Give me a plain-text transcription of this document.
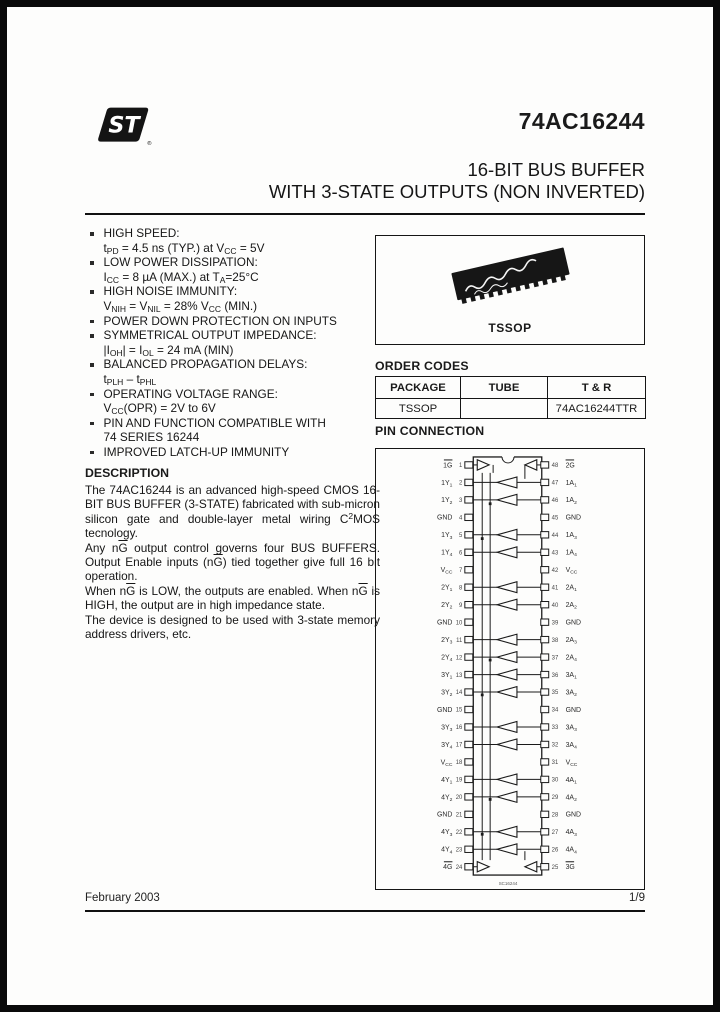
ST
®
74AC16244
16-BIT BUS BUFFER
WITH 3-STATE OUTPUTS (NON INVERTED)
HIGH SPEED:
$t_{PD} = 4.5$ ns (TYP.) at $V_{CC} = 5V$
LOW POWER DISSIPATION:
$I_{CC} = 8$ µA (MAX.) at $T_A=25^\circ C$
HIGH NOISE IMMUNITY:
$V_{NIH} = V_{NIL} = 28\%$ $V_{CC}$ (MIN.)
POWER DOWN PROTECTION ON INPUTS
SYMMETRICAL OUTPUT IMPEDANCE:
$|I_{OH}| = I_{OL} = 24$ mA (MIN)
BALANCED PROPAGATION DELAYS:
$t_{PLH} - t_{PHL}$
OPERATING VOLTAGE RANGE:
$V_{CC}(OPR) = 2V$ to 6V
PIN AND FUNCTION COMPATIBLE WITH
74 SERIES 16244
IMPROVED LATCH-UP IMMUNITY
DESCRIPTION
The 74AC16244 is an advanced high-speed CMOS 16-BIT BUS BUFFER (3-STATE) fabricated with sub-micron silicon gate and double-layer metal wiring $C^2MOS$ tecnology.
Any $n\overline{G}$ output control governs four BUS BUFFERS. Output Enable inputs $(n\overline{G})$ tied together give full 16 bit operation.
When $n\overline{G}$ is LOW, the outputs are enabled. When $n\overline{G}$ is HIGH, the output are in high impedance state.
The device is designed to be used with 3-state memory address drivers, etc.
TSSOP
ORDER CODES
PACKAGE	TUBE	T & R
TSSOP		74AC16244TTR
PIN CONNECTION
1	48
1G	2G
2	47
$1Y_1$	$1A_1$
3	46
$1Y_2$	$1A_2$
4	45
GND	GND
5	44
$1Y_3$	$1A_3$
6	43
$1Y_4$	$1A_4$
7	42
$V_{CC}$	$V_{CC}$
8	41
$2Y_1$	$2A_1$
9	40
$2Y_2$	$2A_2$
10	39
GND	GND
11	38
$2Y_3$	$2A_3$
12	37
$2Y_4$	$2A_4$
13	36
$3Y_1$	$3A_1$
14	35
$3Y_2$	$3A_2$
15	34
GND	GND
16	33
$3Y_3$	$3A_3$
17	32
$3Y_4$	$3A_4$
18	31
$V_{CC}$	$V_{CC}$
19	30
$4Y_1$	$4A_1$
20	29
$4Y_2$	$4A_2$
21	28
GND	GND
22	27
$4Y_3$	$4A_3$
23	26
$4Y_4$	$4A_4$
24	25
4G	3G
SC16244
February 2003	1/9
